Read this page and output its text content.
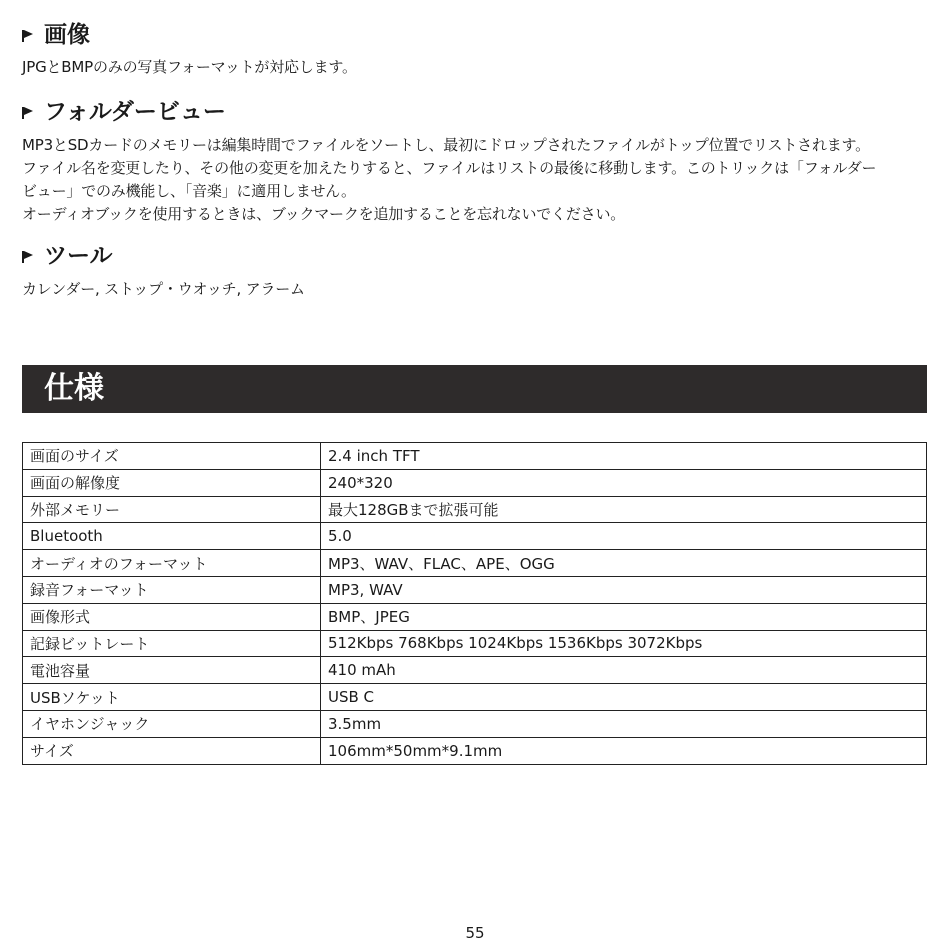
画像
JPGとBMPのみの写真フォーマットが対応します。
フォルダービュー
MP3とSDカードのメモリーは編集時間でファイルをソートし、最初にドロップされたファイルがトップ位置でリストされます。
ファイル名を変更したり、その他の変更を加えたりすると、ファイルはリストの最後に移動します。このトリックは「フォルダー
ビュー」でのみ機能し、「音楽」に適用しません。
オーディオブックを使用するときは、ブックマークを追加することを忘れないでください。
ツール
カレンダー, ストップ・ウオッチ, アラーム
仕様
画面のサイズ	2.4 inch TFT
画面の解像度	240*320
外部メモリー	最大128GBまで拡張可能
Bluetooth	5.0
オーディオのフォーマット	MP3、WAV、FLAC、APE、OGG
録音フォーマット	MP3, WAV
画像形式	BMP、JPEG
記録ビットレート	512Kbps 768Kbps 1024Kbps 1536Kbps 3072Kbps
電池容量	410 mAh
USBソケット	USB C
イヤホンジャック	3.5mm
サイズ	106mm*50mm*9.1mm
55
